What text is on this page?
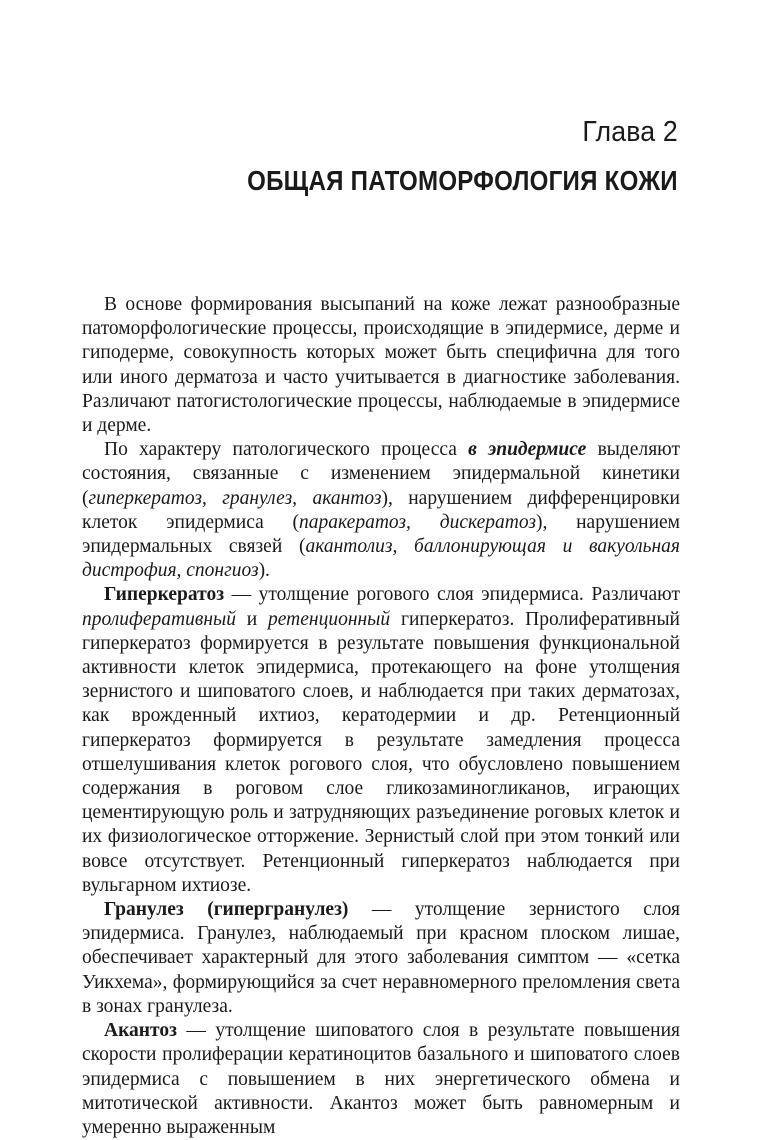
Глава 2
ОБЩАЯ ПАТОМОРФОЛОГИЯ КОЖИ

В основе формирования высыпаний на коже лежат разнообразные патоморфологические процессы, происходящие в эпидермисе, дерме и гиподерме, совокупность которых может быть специфична для того или иного дерматоза и часто учитывается в диагностике заболевания. Различают патогистологические процессы, наблюдаемые в эпидермисе и дерме.

По характеру патологического процесса в эпидермисе выделяют состояния, связанные с изменением эпидермальной кинетики (гиперкератоз, гранулез, акантоз), нарушением дифференцировки клеток эпидермиса (паракератоз, дискератоз), нарушением эпидермальных связей (акантолиз, баллонирующая и вакуольная дистрофия, спонгиоз).

Гиперкератоз — утолщение рогового слоя эпидермиса. Различают пролиферативный и ретенционный гиперкератоз. Пролиферативный гиперкератоз формируется в результате повышения функциональной активности клеток эпидермиса, протекающего на фоне утолщения зернистого и шиповатого слоев, и наблюдается при таких дерматозах, как врожденный ихтиоз, кератодермии и др. Ретенционный гиперкератоз формируется в результате замедления процесса отшелушивания клеток рогового слоя, что обусловлено повышением содержания в роговом слое гликозаминогликанов, играющих цементирующую роль и затрудняющих разъединение роговых клеток и их физиологическое отторжение. Зернистый слой при этом тонкий или вовсе отсутствует. Ретенционный гиперкератоз наблюдается при вульгарном ихтиозе.

Гранулез (гипергранулез) — утолщение зернистого слоя эпидермиса. Гранулез, наблюдаемый при красном плоском лишае, обеспечивает характерный для этого заболевания симптом — «сетка Уикхема», формирующийся за счет неравномерного преломления света в зонах гранулеза.

Акантоз — утолщение шиповатого слоя в результате повышения скорости пролиферации кератиноцитов базального и шиповатого слоев эпидермиса с повышением в них энергетического обмена и митотической активности. Акантоз может быть равномерным и умеренно выраженным
